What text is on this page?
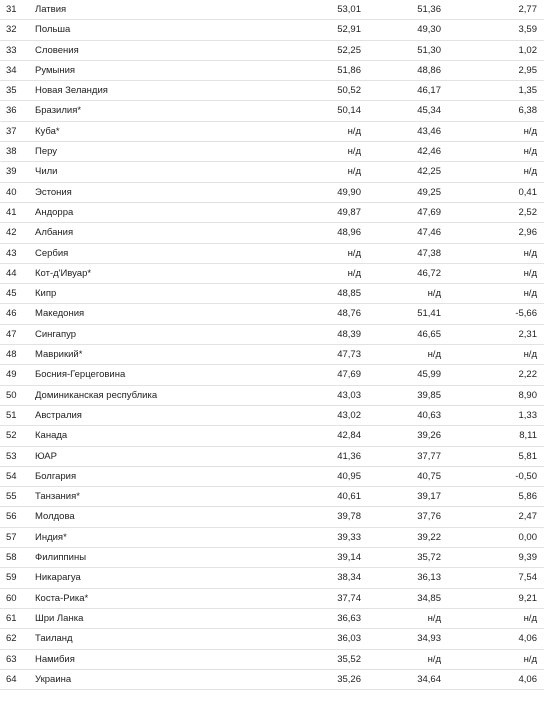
31 Латвия	53,01	51,36	2,77
32 Польша	52,91	49,30	3,59
33 Словения	52,25	51,30	1,02
34 Румыния	51,86	48,86	2,95
35 Новая Зеландия	50,52	46,17	1,35
36 Бразилия*	50,14	45,34	6,38
37 Куба*	н/д	43,46	н/д
38 Перу	н/д	42,46	н/д
39 Чили	н/д	42,25	н/д
40 Эстония	49,90	49,25	0,41
41 Андорра	49,87	47,69	2,52
42 Албания	48,96	47,46	2,96
43 Сербия	н/д	47,38	н/д
44 Кот-д'Ивуар*	н/д	46,72	н/д
45 Кипр	48,85	н/д	н/д
46 Македония	48,76	51,41	-5,66
47 Сингапур	48,39	46,65	2,31
48 Маврикий*	47,73	н/д	н/д
49 Босния-Герцеговина	47,69	45,99	2,22
50 Доминиканская республика	43,03	39,85	8,90
51 Австралия	43,02	40,63	1,33
52 Канада	42,84	39,26	8,11
53 ЮАР	41,36	37,77	5,81
54 Болгария	40,95	40,75	-0,50
55 Танзания*	40,61	39,17	5,86
56 Молдова	39,78	37,76	2,47
57 Индия*	39,33	39,22	0,00
58 Филиппины	39,14	35,72	9,39
59 Никарагуа	38,34	36,13	7,54
60 Коста-Рика*	37,74	34,85	9,21
61 Шри Ланка	36,63	н/д	н/д
62 Таиланд	36,03	34,93	4,06
63 Намибия	35,52	н/д	н/д
64 Украина	35,26	34,64	4,06
